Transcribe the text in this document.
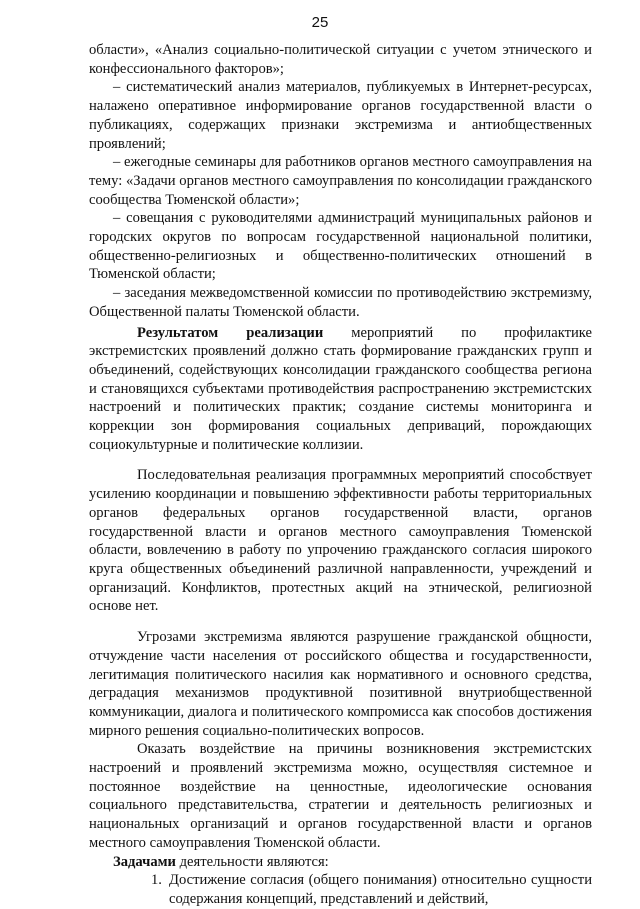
25

области», «Анализ социально-политической ситуации с учетом этнического и конфессионального факторов»;

– систематический анализ материалов, публикуемых в Интернет-ресурсах, налажено оперативное информирование органов государственной власти о публикациях, содержащих признаки экстремизма и антиобщественных проявлений;

– ежегодные семинары для работников органов местного самоуправления на тему: «Задачи органов местного самоуправления по консолидации гражданского сообщества Тюменской области»;

– совещания с руководителями администраций муниципальных районов и городских округов по вопросам государственной национальной политики, общественно-религиозных и общественно-политических отношений в Тюменской области;

– заседания межведомственной комиссии по противодействию экстремизму, Общественной палаты Тюменской области.

Результатом реализации мероприятий по профилактике экстремистских проявлений должно стать формирование гражданских групп и объединений, содействующих консолидации гражданского сообщества региона и становящихся субъектами противодействия распространению экстремистских настроений и политических практик; создание системы мониторинга и коррекции зон формирования социальных деприваций, порождающих социокультурные и политические коллизии.

Последовательная реализация программных мероприятий способствует усилению координации и повышению эффективности работы территориальных органов федеральных органов государственной власти, органов государственной власти и органов местного самоуправления Тюменской области, вовлечению в работу по упрочению гражданского согласия широкого круга общественных объединений различной направленности, учреждений и организаций. Конфликтов, протестных акций на этнической, религиозной основе нет.

Угрозами экстремизма являются разрушение гражданской общности, отчуждение части населения от российского общества и государственности, легитимация политического насилия как нормативного и основного средства, деградация механизмов продуктивной позитивной внутриобщественной коммуникации, диалога и политического компромисса как способов достижения мирного решения социально-политических вопросов.

Оказать воздействие на причины возникновения экстремистских настроений и проявлений экстремизма можно, осуществляя системное и постоянное воздействие на ценностные, идеологические основания социального представительства, стратегии и деятельность религиозных и национальных организаций и органов государственной власти и органов местного самоуправления Тюменской области.

Задачами деятельности являются:

1. Достижение согласия (общего понимания) относительно сущности содержания концепций, представлений и действий,
